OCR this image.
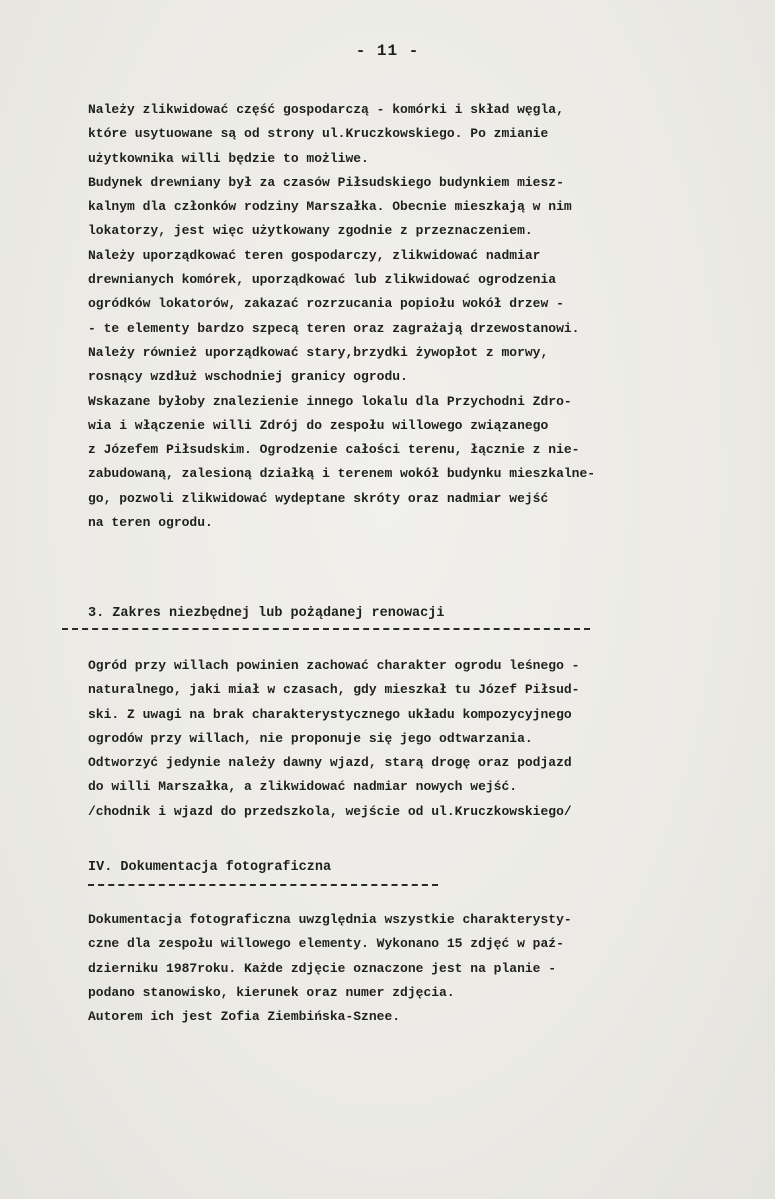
- 11 -
Należy zlikwidować część gospodarczą - komórki i skład węgla,
które usytuowane są od strony ul.Kruczkowskiego. Po zmianie
użytkownika willi będzie to możliwe.
Budynek drewniany był za czasów Piłsudskiego budynkiem miesz-
kalnym dla członków rodziny Marszałka. Obecnie mieszkają w nim
lokatorzy, jest więc użytkowany zgodnie z przeznaczeniem.
Należy uporządkować teren gospodarczy, zlikwidować nadmiar
drewnianych komórek, uporządkować lub zlikwidować ogrodzenia
ogródków lokatorów, zakazać rozrzucania popiołu wokół drzew -
- te elementy bardzo szpecą teren oraz zagrażają drzewostanowi.
Należy również uporządkować stary,brzydki żywopłot z morwy,
rosnący wzdłuż wschodniej granicy ogrodu.
Wskazane byłoby znalezienie innego lokalu dla Przychodni Zdro-
wia i włączenie willi Zdrój do zespołu willowego związanego
z Józefem Piłsudskim. Ogrodzenie całości terenu, łącznie z nie-
zabudowaną, zalesioną działką i terenem wokół budynku mieszkalne-
go, pozwoli zlikwidować wydeptane skróty oraz nadmiar wejść
na teren ogrodu.
3. Zakres niezbędnej lub pożądanej renowacji
Ogród przy willach powinien zachować charakter ogrodu leśnego -
naturalnego, jaki miał w czasach, gdy mieszkał tu Józef Piłsud-
ski. Z uwagi na brak charakterystycznego układu kompozycyjnego
ogrodów przy willach, nie proponuje się jego odtwarzania.
Odtworzyć jedynie należy dawny wjazd, starą drogę oraz podjazd
do willi Marszałka, a zlikwidować nadmiar nowych wejść.
/chodnik i wjazd do przedszkola, wejście od ul.Kruczkowskiego/
IV. Dokumentacja fotograficzna
Dokumentacja fotograficzna uwzględnia wszystkie charakterysty-
czne dla zespołu willowego elementy. Wykonano 15 zdjęć w paź-
dzierniku 1987roku. Każde zdjęcie oznaczone jest na planie -
podano stanowisko, kierunek oraz numer zdjęcia.
Autorem ich jest Zofia Ziembińska-Sznee.
